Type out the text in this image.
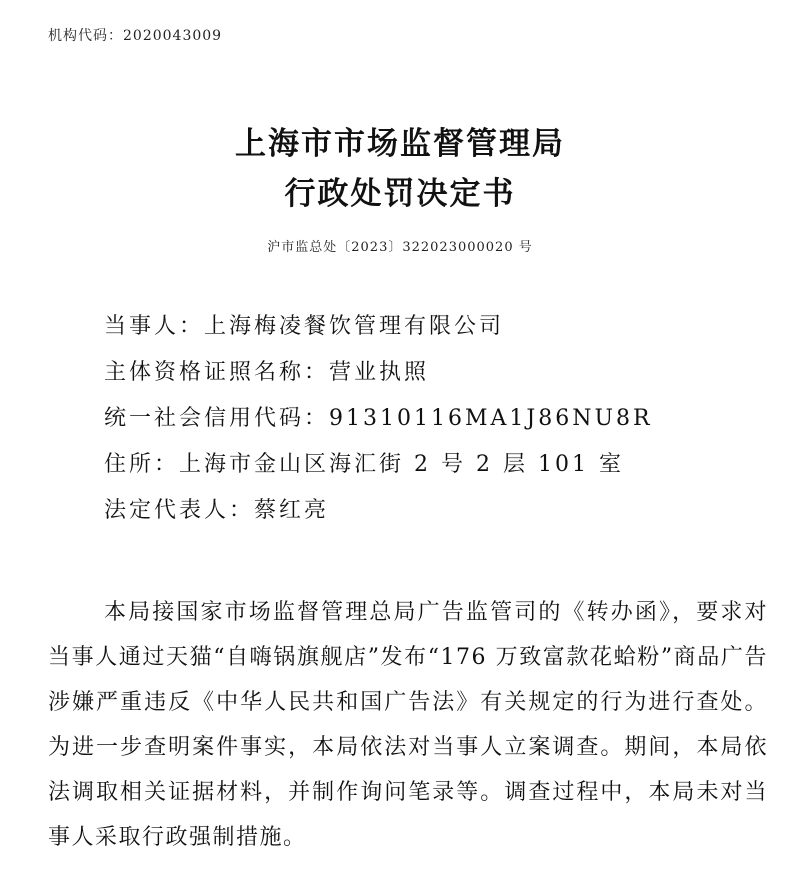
机构代码：2020043009
上海市市场监督管理局
行政处罚决定书
沪市监总处〔2023〕322023000020 号
当事人：上海梅凌餐饮管理有限公司
主体资格证照名称：营业执照
统一社会信用代码：91310116MA1J86NU8R
住所：上海市金山区海汇街 2 号 2 层 101 室
法定代表人：蔡红亮
本局接国家市场监督管理总局广告监管司的《转办函》，要求对当事人通过天猫“自嗨锅旗舰店”发布“176 万致富款花蛤粉”商品广告涉嫌严重违反《中华人民共和国广告法》有关规定的行为进行查处。为进一步查明案件事实，本局依法对当事人立案调查。期间，本局依法调取相关证据材料，并制作询问笔录等。调查过程中，本局未对当事人采取行政强制措施。
